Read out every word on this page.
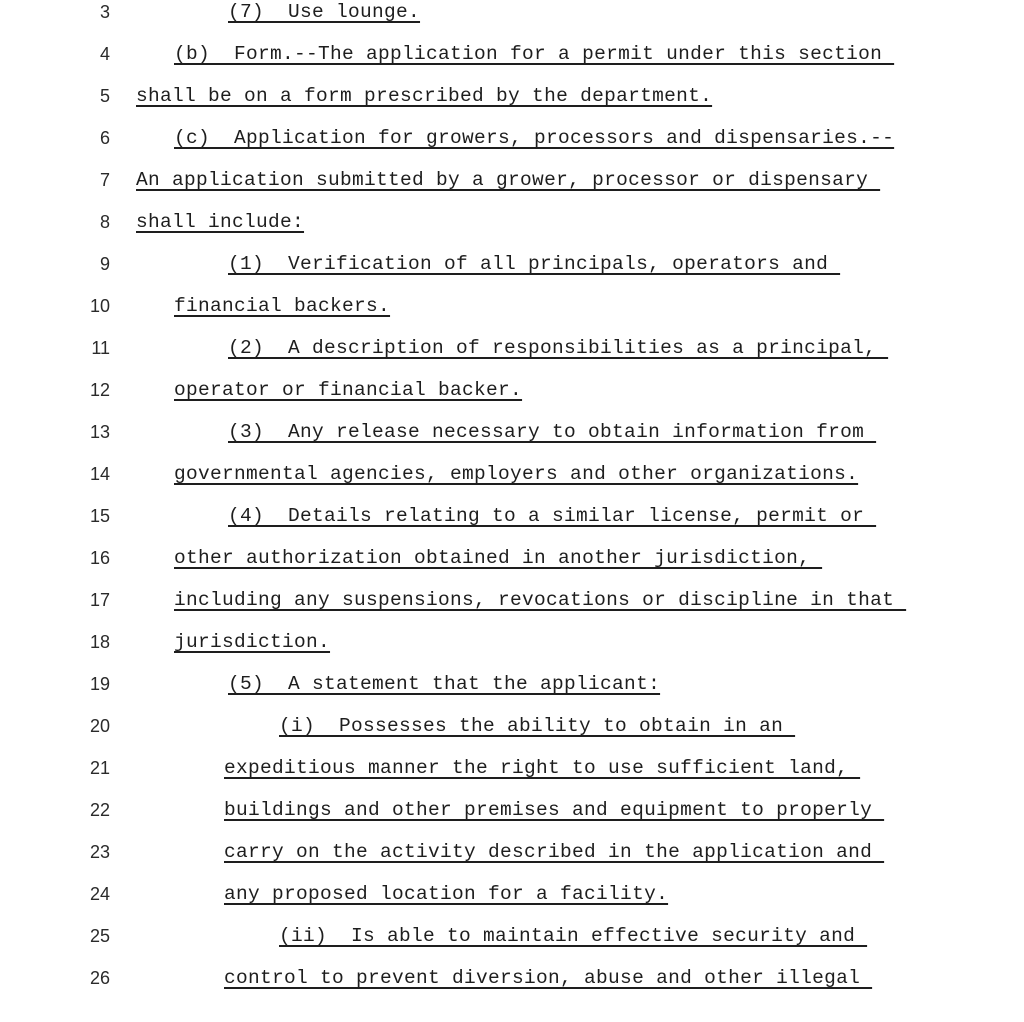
3	(7)  Use lounge.
4	(b)  Form.--The application for a permit under this section
5 shall be on a form prescribed by the department.
6	(c)  Application for growers, processors and dispensaries.--
7 An application submitted by a grower, processor or dispensary
8 shall include:
9	(1)  Verification of all principals, operators and
10	financial backers.
11	(2)  A description of responsibilities as a principal,
12	operator or financial backer.
13	(3)  Any release necessary to obtain information from
14	governmental agencies, employers and other organizations.
15	(4)  Details relating to a similar license, permit or
16	other authorization obtained in another jurisdiction,
17	including any suspensions, revocations or discipline in that
18	jurisdiction.
19	(5)  A statement that the applicant:
20	(i)  Possesses the ability to obtain in an
21	expeditious manner the right to use sufficient land,
22	buildings and other premises and equipment to properly
23	carry on the activity described in the application and
24	any proposed location for a facility.
25	(ii)  Is able to maintain effective security and
26	control to prevent diversion, abuse and other illegal
